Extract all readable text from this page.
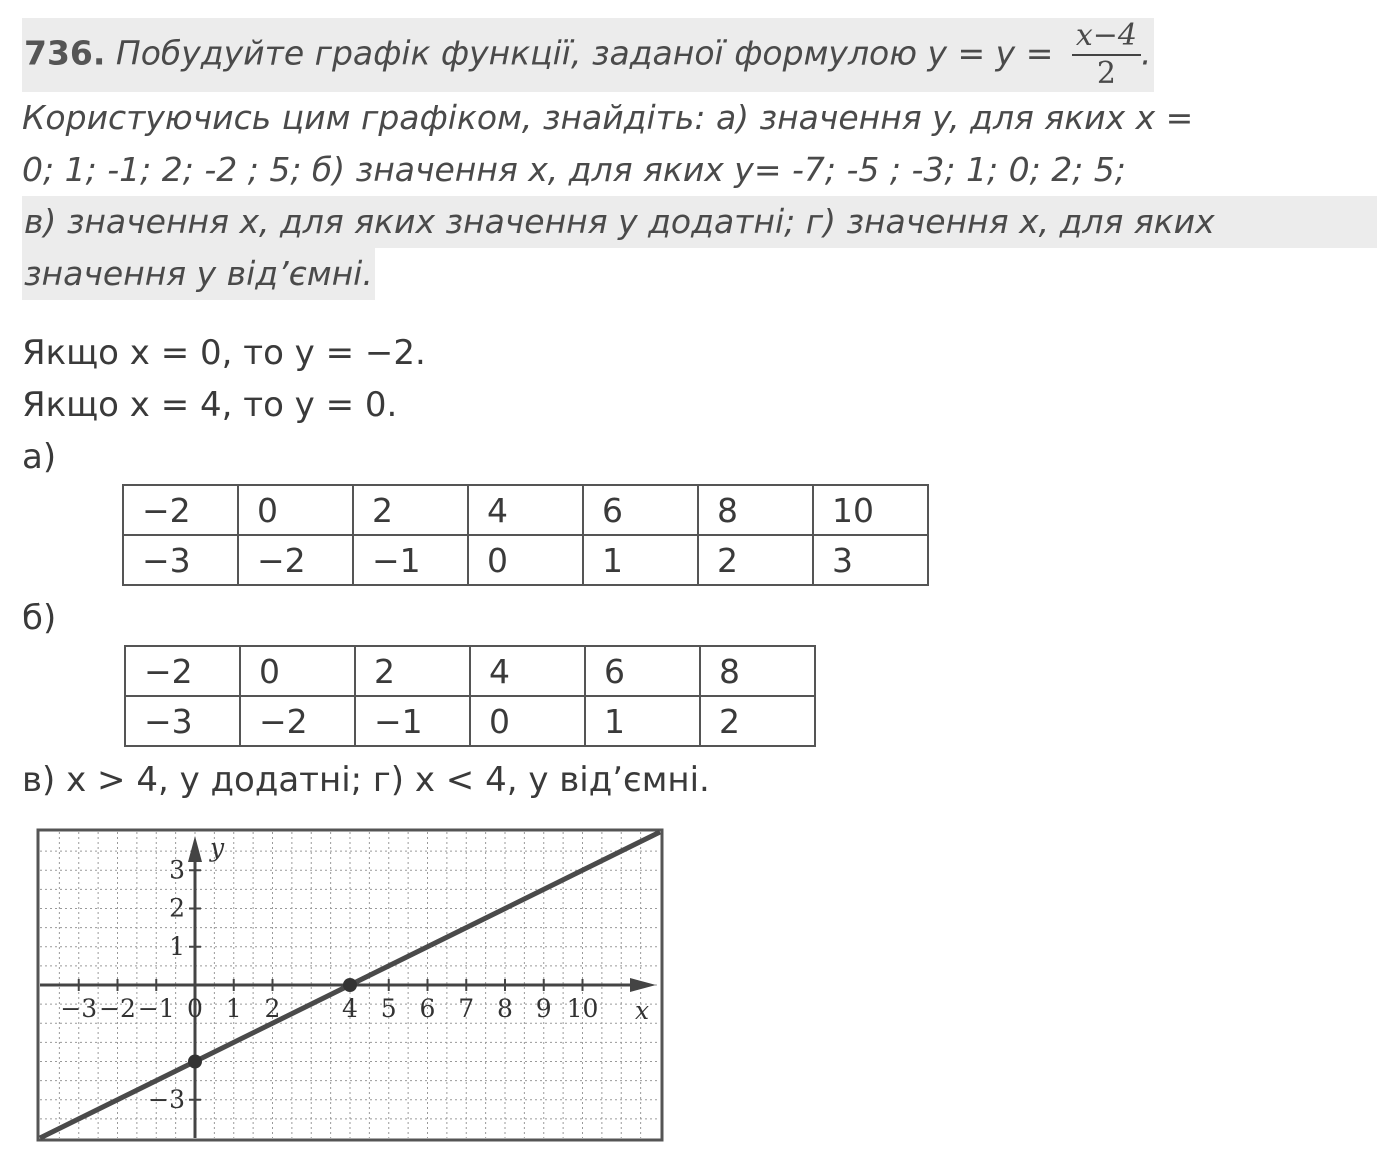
736. Побудуйте графік функції, заданої формулою $y = у = \frac{x-4}{2}$ .
Користуючись цим графіком, знайдіть: а) значення y, для яких x =
0; 1; -1; 2; -2 ; 5; б) значення x, для яких y= -7; -5 ; -3; 1; 0; 2; 5;
в) значення x, для яких значення y додатні; г) значення x, для яких
значення y від’ємні.
Якщо x = 0, то y = −2.
Якщо x = 4, то y = 0.
а)
−2	0	2	4	6	8	10
−3	−2	−1	0	1	2	3
б)
−2	0	2	4	6	8
−3	−2	−1	0	1	2
в) x > 4, y додатні; г) x < 4, y від’ємні.
−3 −2 −1 0 1 2 4 5 6 7 8 9 10
3
2
1
−3
x
y
